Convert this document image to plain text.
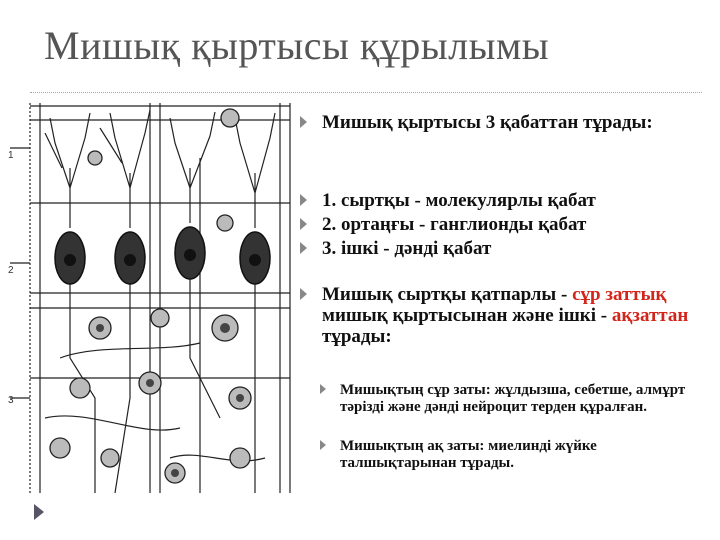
Мишық қыртысы құрылымы
1
2
3
Мишық қыртысы 3 қабаттан тұрады:
1. сыртқы - молекулярлы қабат
2. ортаңғы - ганглионды қабат
3. ішкі - дәнді қабат
Мишық сыртқы қатпарлы - сұр заттық мишық қыртысынан және ішкі - ақзаттан тұрады:
Мишықтың сұр заты: жұлдызша, себетше, алмұрт тәрізді және дәнді нейроцит терден құралған.
Мишықтың ақ заты: миелинді жүйке талшықтарынан тұрады.
